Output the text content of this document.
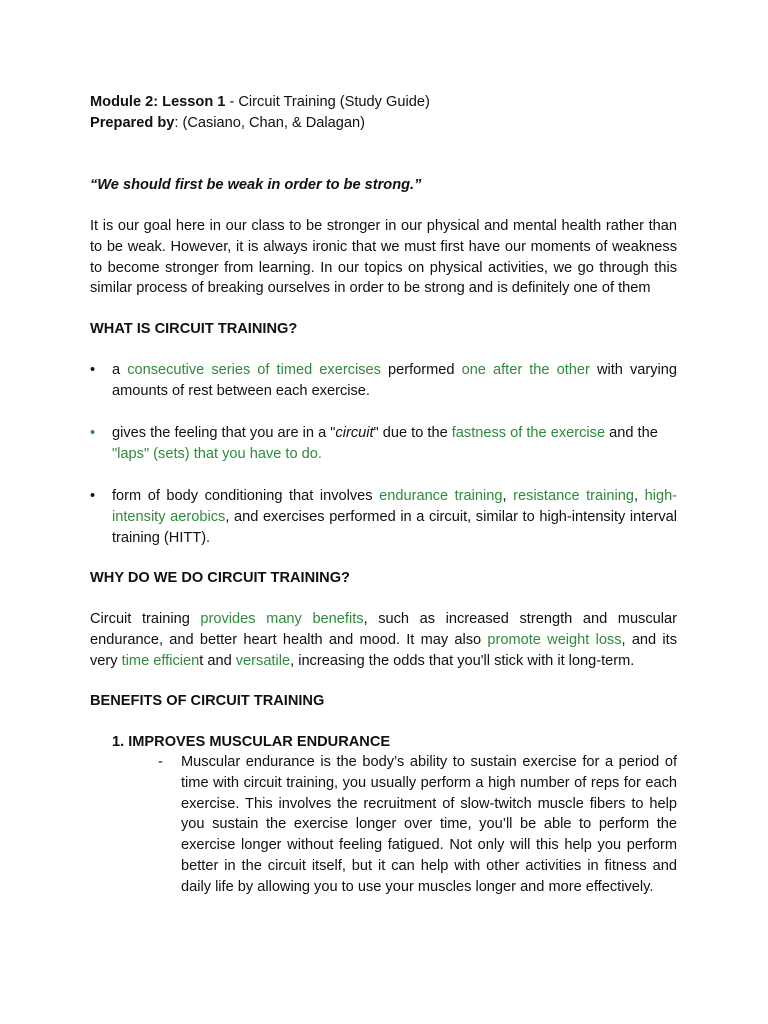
Module 2: Lesson 1 - Circuit Training (Study Guide)
Prepared by: (Casiano, Chan, & Dalagan)
“We should first be weak in order to be strong.”
It is our goal here in our class to be stronger in our physical and mental health rather than to be weak. However, it is always ironic that we must first have our moments of weakness to become stronger from learning. In our topics on physical activities, we go through this similar process of breaking ourselves in order to be strong and is definitely one of them
WHAT IS CIRCUIT TRAINING?
•	a consecutive series of timed exercises performed one after the other with varying amounts of rest between each exercise.
•	gives the feeling that you are in a "circuit" due to the fastness of the exercise and the "laps" (sets) that you have to do.
•	form of body conditioning that involves endurance training, resistance training, high-intensity aerobics, and exercises performed in a circuit, similar to high-intensity interval training (HITT).
WHY DO WE DO CIRCUIT TRAINING?
Circuit training provides many benefits, such as increased strength and muscular endurance, and better heart health and mood. It may also promote weight loss, and its very time efficient and versatile, increasing the odds that you'll stick with it long-term.
BENEFITS OF CIRCUIT TRAINING
1. IMPROVES MUSCULAR ENDURANCE
- Muscular endurance is the body’s ability to sustain exercise for a period of time with circuit training, you usually perform a high number of reps for each exercise. This involves the recruitment of slow-twitch muscle fibers to help you sustain the exercise longer over time, you’ll be able to perform the exercise longer without feeling fatigued. Not only will this help you perform better in the circuit itself, but it can help with other activities in fitness and daily life by allowing you to use your muscles longer and more effectively.
